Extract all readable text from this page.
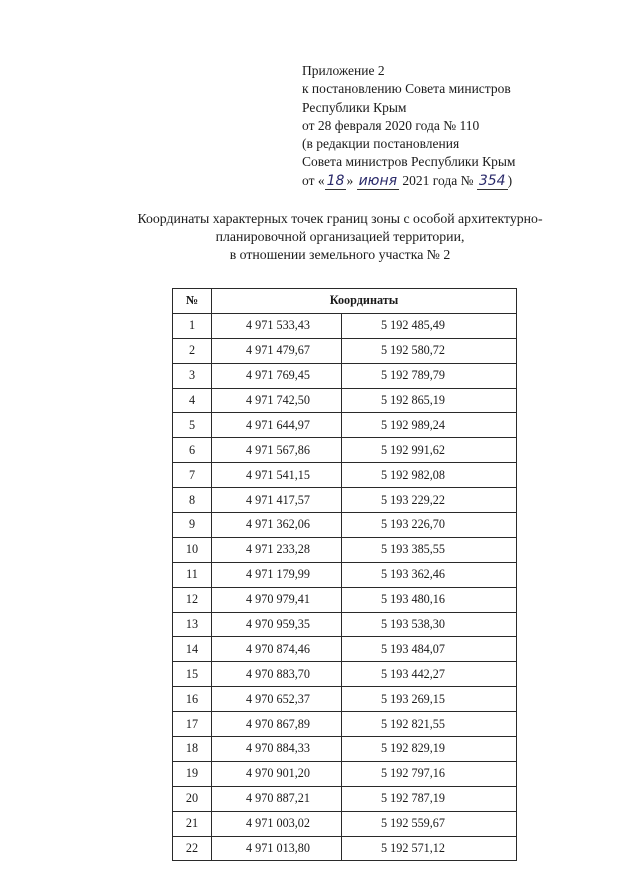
Приложение 2
к постановлению Совета министров
Республики Крым
от 28 февраля 2020 года № 110
(в редакции постановления
Совета министров Республики Крым
от « 18 » июня 2021 года № 354 )
Координаты характерных точек границ зоны с особой архитектурно-
планировочной организацией территории,
в отношении земельного участка № 2
№	Координаты	
1	4 971 533,43	5 192 485,49
2	4 971 479,67	5 192 580,72
3	4 971 769,45	5 192 789,79
4	4 971 742,50	5 192 865,19
5	4 971 644,97	5 192 989,24
6	4 971 567,86	5 192 991,62
7	4 971 541,15	5 192 982,08
8	4 971 417,57	5 193 229,22
9	4 971 362,06	5 193 226,70
10	4 971 233,28	5 193 385,55
11	4 971 179,99	5 193 362,46
12	4 970 979,41	5 193 480,16
13	4 970 959,35	5 193 538,30
14	4 970 874,46	5 193 484,07
15	4 970 883,70	5 193 442,27
16	4 970 652,37	5 193 269,15
17	4 970 867,89	5 192 821,55
18	4 970 884,33	5 192 829,19
19	4 970 901,20	5 192 797,16
20	4 970 887,21	5 192 787,19
21	4 971 003,02	5 192 559,67
22	4 971 013,80	5 192 571,12
